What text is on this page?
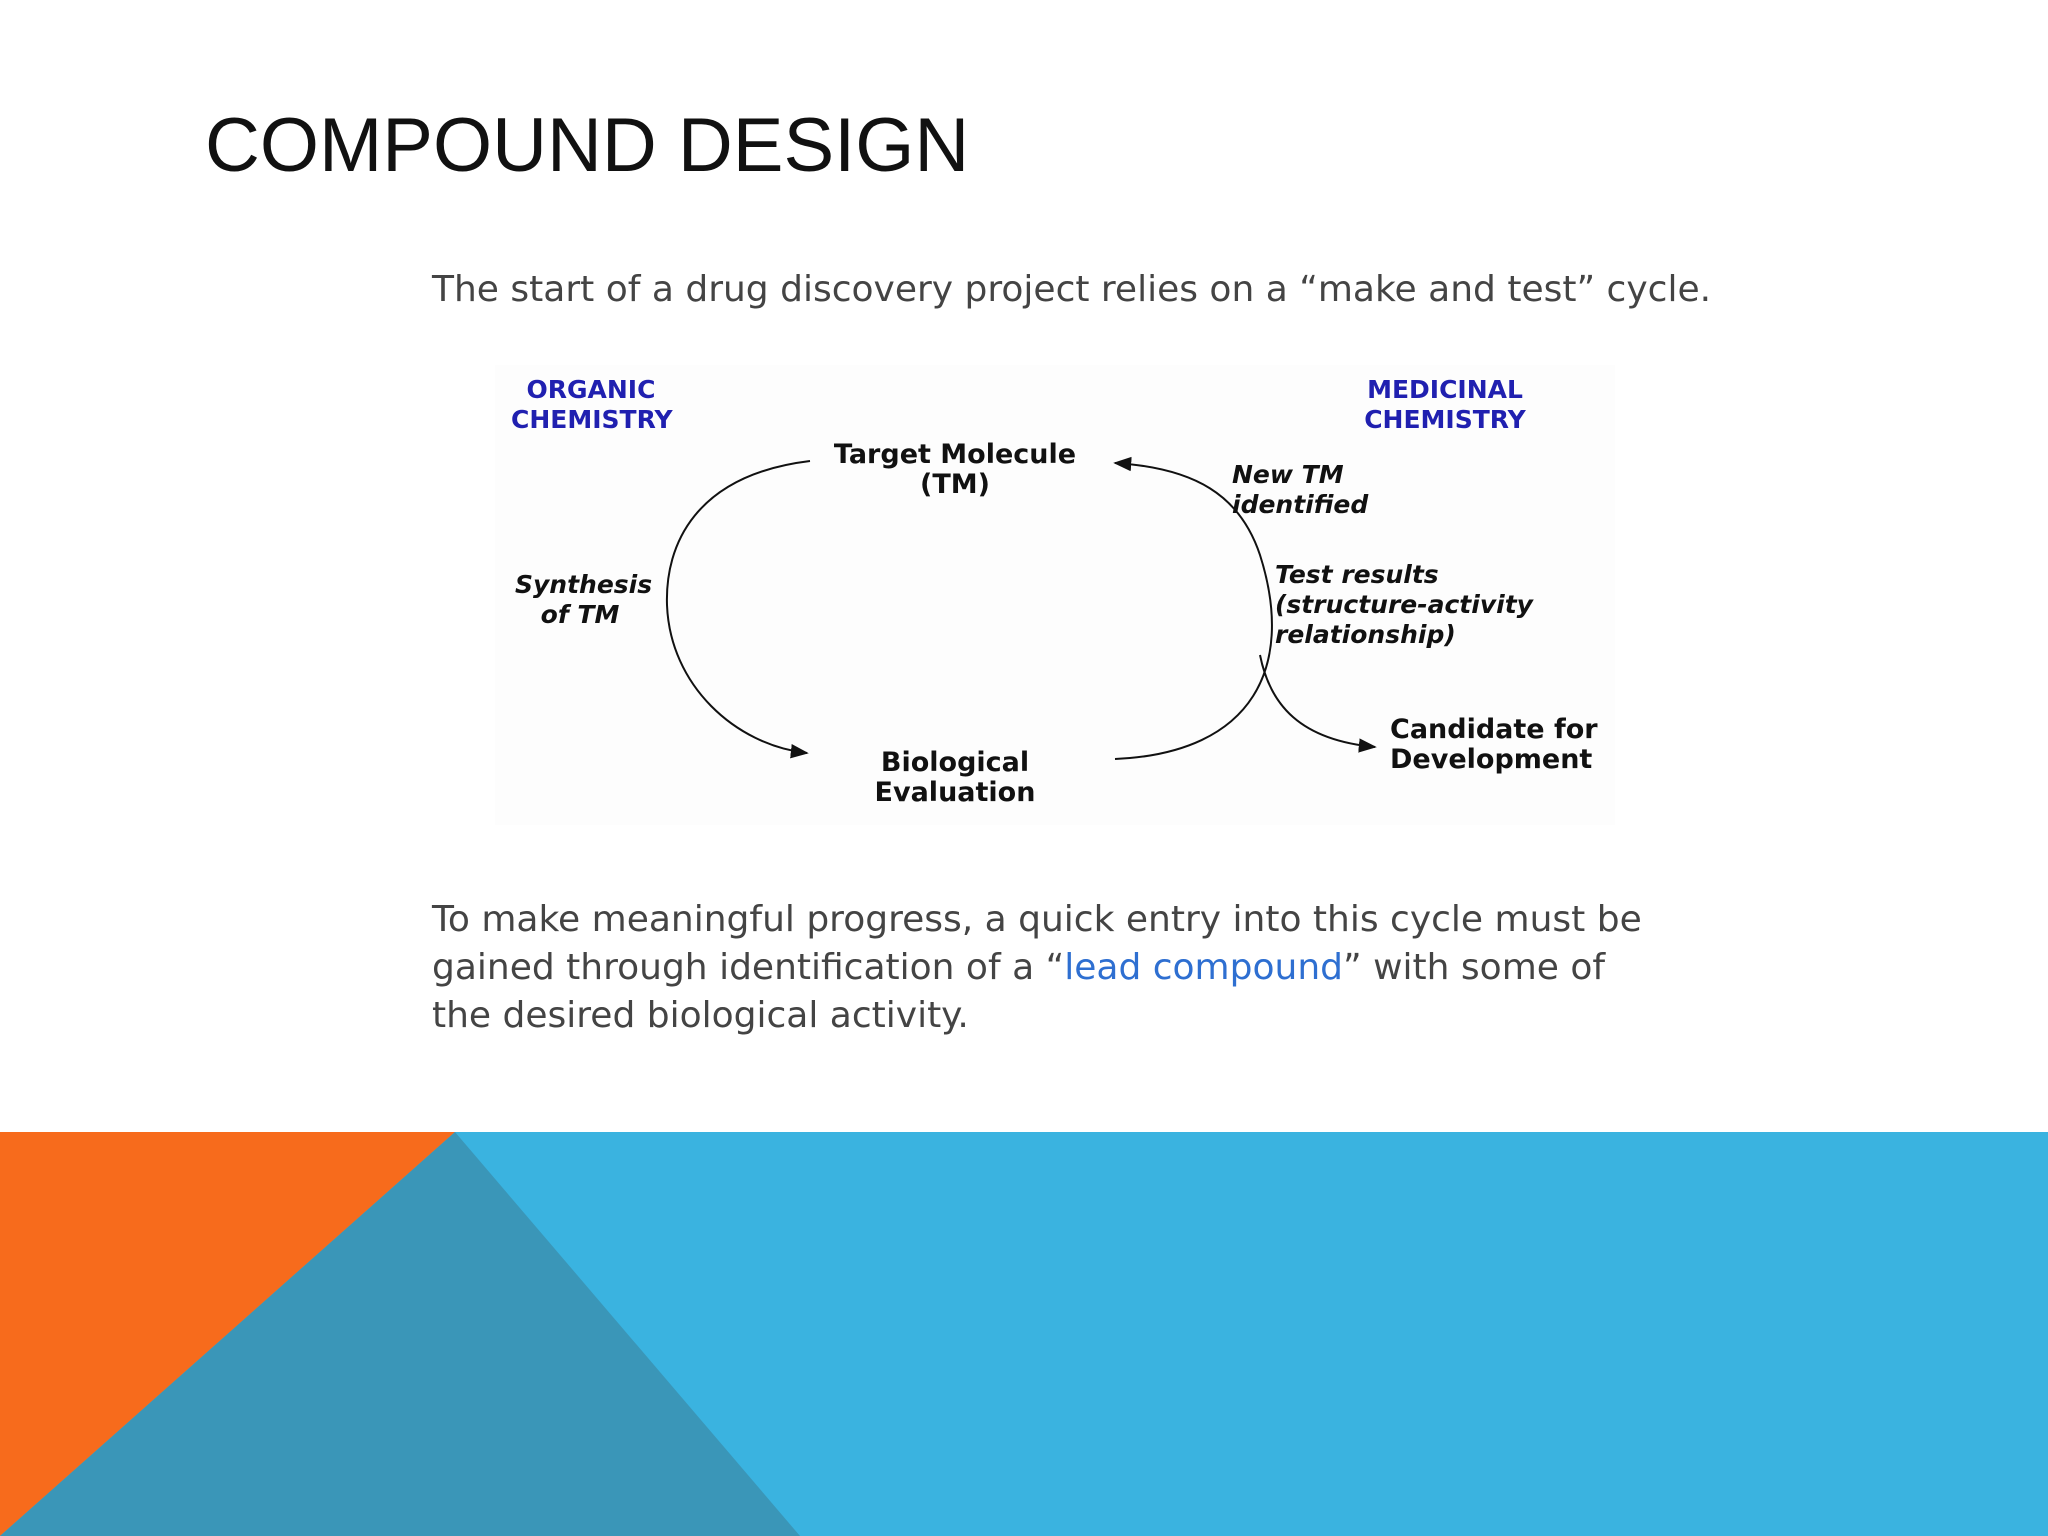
COMPOUND DESIGN
The start of a drug discovery project relies on a “make and test” cycle.
ORGANIC
CHEMISTRY
MEDICINAL
CHEMISTRY
Target Molecule
(TM)
Biological
Evaluation
Synthesis
of TM
New TM
identified
Test results
(structure-activity
relationship)
Candidate for
Development
To make meaningful progress, a quick entry into this cycle must be gained through identification of a “lead compound” with some of the desired biological activity.
